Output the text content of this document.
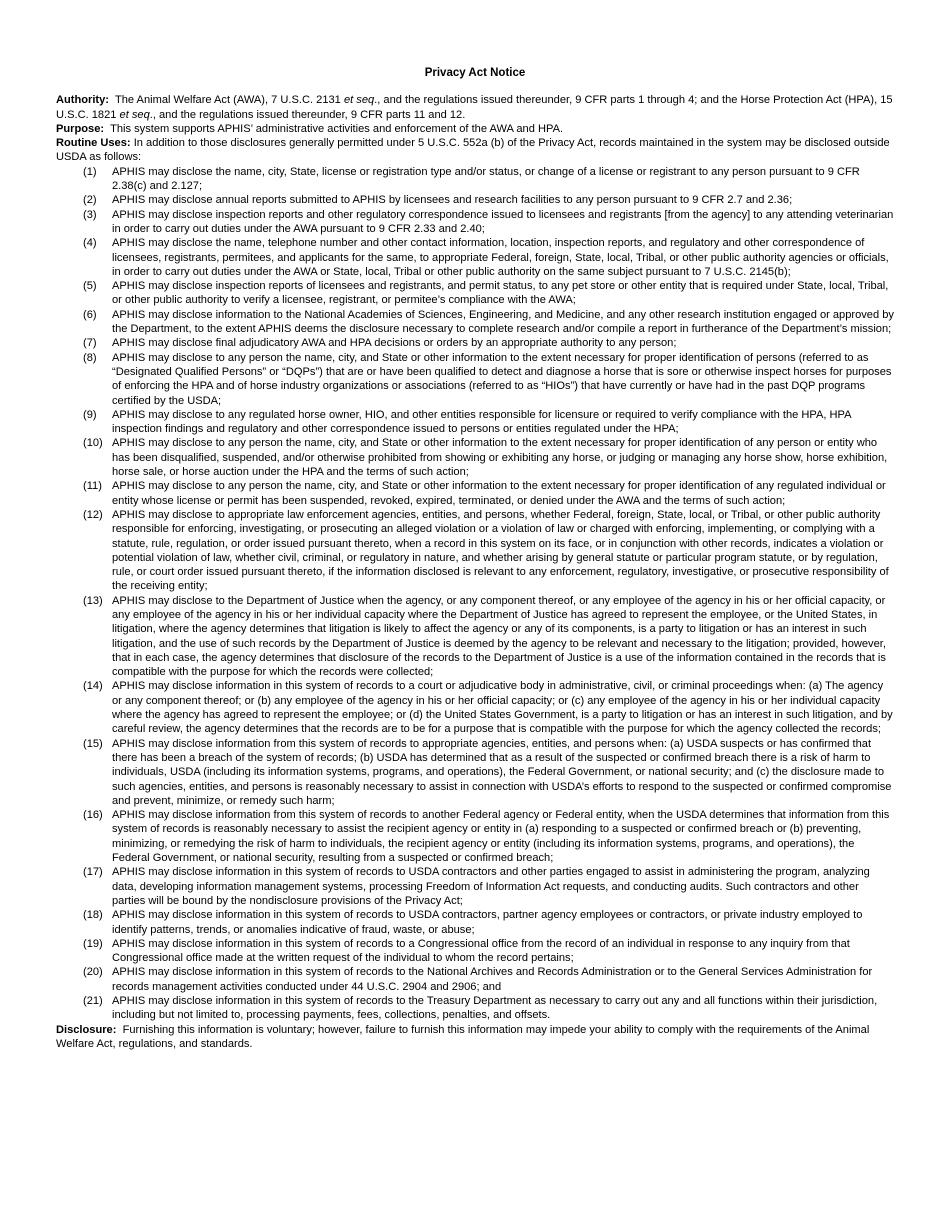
Privacy Act Notice

Authority: The Animal Welfare Act (AWA), 7 U.S.C. 2131 et seq., and the regulations issued thereunder, 9 CFR parts 1 through 4; and the Horse Protection Act (HPA), 15 U.S.C. 1821 et seq., and the regulations issued thereunder, 9 CFR parts 11 and 12.

Purpose: This system supports APHIS’ administrative activities and enforcement of the AWA and HPA.

Routine Uses: In addition to those disclosures generally permitted under 5 U.S.C. 552a (b) of the Privacy Act, records maintained in the system may be disclosed outside USDA as follows:

(1) APHIS may disclose the name, city, State, license or registration type and/or status, or change of a license or registrant to any person pursuant to 9 CFR 2.38(c) and 2.127;
(2) APHIS may disclose annual reports submitted to APHIS by licensees and research facilities to any person pursuant to 9 CFR 2.7 and 2.36;
(3) APHIS may disclose inspection reports and other regulatory correspondence issued to licensees and registrants [from the agency] to any attending veterinarian in order to carry out duties under the AWA pursuant to 9 CFR 2.33 and 2.40;
(4) APHIS may disclose the name, telephone number and other contact information, location, inspection reports, and regulatory and other correspondence of licensees, registrants, permitees, and applicants for the same, to appropriate Federal, foreign, State, local, Tribal, or other public authority agencies or officials, in order to carry out duties under the AWA or State, local, Tribal or other public authority on the same subject pursuant to 7 U.S.C. 2145(b);
(5) APHIS may disclose inspection reports of licensees and registrants, and permit status, to any pet store or other entity that is required under State, local, Tribal, or other public authority to verify a licensee, registrant, or permitee’s compliance with the AWA;
(6) APHIS may disclose information to the National Academies of Sciences, Engineering, and Medicine, and any other research institution engaged or approved by the Department, to the extent APHIS deems the disclosure necessary to complete research and/or compile a report in furtherance of the Department’s mission;
(7) APHIS may disclose final adjudicatory AWA and HPA decisions or orders by an appropriate authority to any person;
(8) APHIS may disclose to any person the name, city, and State or other information to the extent necessary for proper identification of persons (referred to as “Designated Qualified Persons” or “DQPs”) that are or have been qualified to detect and diagnose a horse that is sore or otherwise inspect horses for purposes of enforcing the HPA and of horse industry organizations or associations (referred to as “HIOs”) that have currently or have had in the past DQP programs certified by the USDA;
(9) APHIS may disclose to any regulated horse owner, HIO, and other entities responsible for licensure or required to verify compliance with the HPA, HPA inspection findings and regulatory and other correspondence issued to persons or entities regulated under the HPA;
(10) APHIS may disclose to any person the name, city, and State or other information to the extent necessary for proper identification of any person or entity who has been disqualified, suspended, and/or otherwise prohibited from showing or exhibiting any horse, or judging or managing any horse show, horse exhibition, horse sale, or horse auction under the HPA and the terms of such action;
(11) APHIS may disclose to any person the name, city, and State or other information to the extent necessary for proper identification of any regulated individual or entity whose license or permit has been suspended, revoked, expired, terminated, or denied under the AWA and the terms of such action;
(12) APHIS may disclose to appropriate law enforcement agencies, entities, and persons, whether Federal, foreign, State, local, or Tribal, or other public authority responsible for enforcing, investigating, or prosecuting an alleged violation or a violation of law or charged with enforcing, implementing, or complying with a statute, rule, regulation, or order issued pursuant thereto, when a record in this system on its face, or in conjunction with other records, indicates a violation or potential violation of law, whether civil, criminal, or regulatory in nature, and whether arising by general statute or particular program statute, or by regulation, rule, or court order issued pursuant thereto, if the information disclosed is relevant to any enforcement, regulatory, investigative, or prosecutive responsibility of the receiving entity;
(13) APHIS may disclose to the Department of Justice when the agency, or any component thereof, or any employee of the agency in his or her official capacity, or any employee of the agency in his or her individual capacity where the Department of Justice has agreed to represent the employee, or the United States, in litigation, where the agency determines that litigation is likely to affect the agency or any of its components, is a party to litigation or has an interest in such litigation, and the use of such records by the Department of Justice is deemed by the agency to be relevant and necessary to the litigation; provided, however, that in each case, the agency determines that disclosure of the records to the Department of Justice is a use of the information contained in the records that is compatible with the purpose for which the records were collected;
(14) APHIS may disclose information in this system of records to a court or adjudicative body in administrative, civil, or criminal proceedings when: (a) The agency or any component thereof; or (b) any employee of the agency in his or her official capacity; or (c) any employee of the agency in his or her individual capacity where the agency has agreed to represent the employee; or (d) the United States Government, is a party to litigation or has an interest in such litigation, and by careful review, the agency determines that the records are to be for a purpose that is compatible with the purpose for which the agency collected the records;
(15) APHIS may disclose information from this system of records to appropriate agencies, entities, and persons when: (a) USDA suspects or has confirmed that there has been a breach of the system of records; (b) USDA has determined that as a result of the suspected or confirmed breach there is a risk of harm to individuals, USDA (including its information systems, programs, and operations), the Federal Government, or national security; and (c) the disclosure made to such agencies, entities, and persons is reasonably necessary to assist in connection with USDA’s efforts to respond to the suspected or confirmed compromise and prevent, minimize, or remedy such harm;
(16) APHIS may disclose information from this system of records to another Federal agency or Federal entity, when the USDA determines that information from this system of records is reasonably necessary to assist the recipient agency or entity in (a) responding to a suspected or confirmed breach or (b) preventing, minimizing, or remedying the risk of harm to individuals, the recipient agency or entity (including its information systems, programs, and operations), the Federal Government, or national security, resulting from a suspected or confirmed breach;
(17) APHIS may disclose information in this system of records to USDA contractors and other parties engaged to assist in administering the program, analyzing data, developing information management systems, processing Freedom of Information Act requests, and conducting audits. Such contractors and other parties will be bound by the nondisclosure provisions of the Privacy Act;
(18) APHIS may disclose information in this system of records to USDA contractors, partner agency employees or contractors, or private industry employed to identify patterns, trends, or anomalies indicative of fraud, waste, or abuse;
(19) APHIS may disclose information in this system of records to a Congressional office from the record of an individual in response to any inquiry from that Congressional office made at the written request of the individual to whom the record pertains;
(20) APHIS may disclose information in this system of records to the National Archives and Records Administration or to the General Services Administration for records management activities conducted under 44 U.S.C. 2904 and 2906; and
(21) APHIS may disclose information in this system of records to the Treasury Department as necessary to carry out any and all functions within their jurisdiction, including but not limited to, processing payments, fees, collections, penalties, and offsets.

Disclosure: Furnishing this information is voluntary; however, failure to furnish this information may impede your ability to comply with the requirements of the Animal Welfare Act, regulations, and standards.
